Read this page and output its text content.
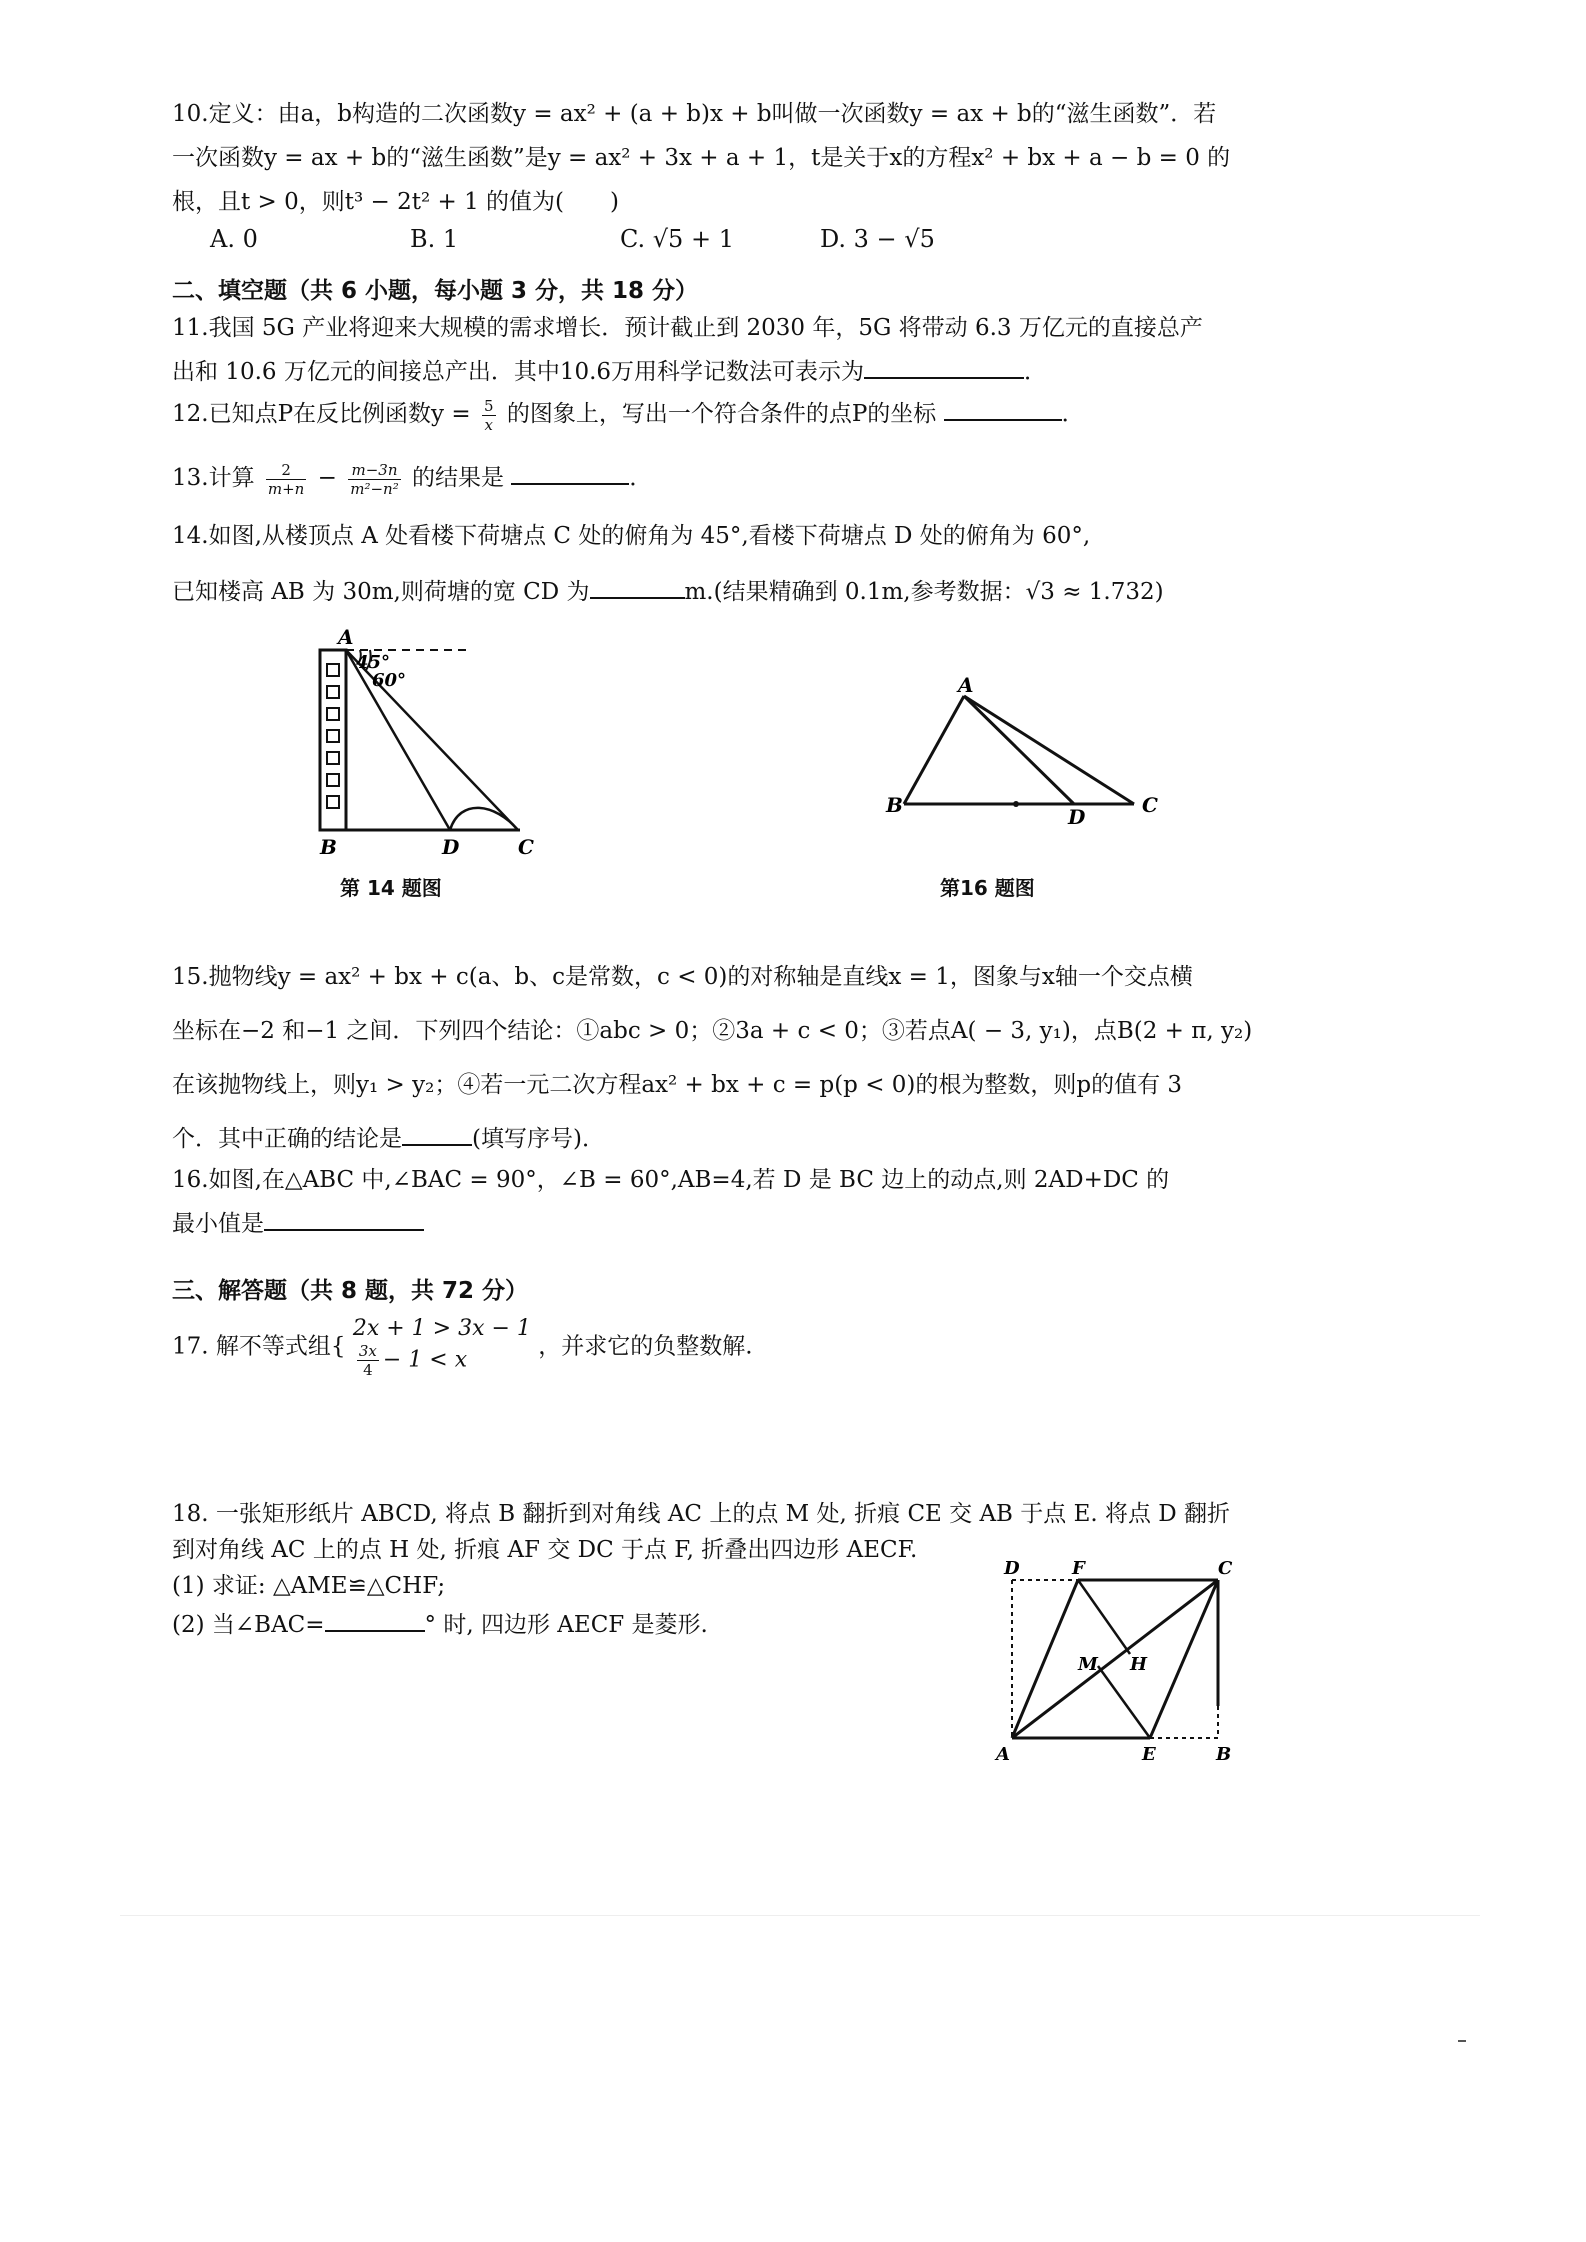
10.定义：由a，b构造的二次函数y = ax² + (a + b)x + b叫做一次函数y = ax + b的“滋生函数”．若

一次函数y = ax + b的“滋生函数”是y = ax² + 3x + a + 1，t是关于x的方程x² + bx + a − b = 0 的

根，且t > 0，则t³ − 2t² + 1 的值为(　　)

A. 0	B. 1	C. √5 + 1	D. 3 − √5
二、填空题（共 6 小题，每小题 3 分，共 18 分）

11.我国 5G 产业将迎来大规模的需求增长．预计截止到 2030 年，5G 将带动 6.3 万亿元的直接总产

出和 10.6 万亿元的间接总产出．其中10.6万用科学记数法可表示为	．

12.已知点P在反比例函数$y = \frac{5}{x}$ 的图象上，写出一个符合条件的点P的坐标	．

13.计算 $\frac{2}{m+n} - \frac{m-3n}{\text{m²−n²}}$ 的结果是	．

14.如图,从楼顶点 A 处看楼下荷塘点 C 处的俯角为 45°,看楼下荷塘点 D 处的俯角为 60°,

已知楼高 AB 为 30m,则荷塘的宽 CD 为	m.(结果精确到 0.1m,参考数据：√3 ≈ 1.732)

A
45°
60°
B	D	C
第 14 题图
A
B	D	C
第16 题图

15.抛物线y = ax² + bx + c(a、b、c是常数，c < 0)的对称轴是直线x = 1，图象与x轴一个交点横

坐标在−2 和−1 之间．下列四个结论：①abc > 0；②3a + c < 0；③若点A( − 3, y₁)，点B(2 + π, y₂)

在该抛物线上，则y₁ > y₂；④若一元二次方程ax² + bx + c = p(p < 0)的根为整数，则p的值有 3

个．其中正确的结论是	(填写序号)．

16.如图,在△ABC 中,∠BAC = 90°，∠B = 60°,AB=4,若 D 是 BC 边上的动点,则 2AD+DC 的

最小值是

三、解答题（共 8 题，共 72 分）

17. 解不等式组{
2x + 1 > 3x − 1
$\frac{3x}{4} - 1 < x$
，并求它的负整数解.

18. 一张矩形纸片 ABCD, 将点 B 翻折到对角线 AC 上的点 M 处, 折痕 CE 交 AB 于点 E. 将点 D 翻折

到对角线 AC 上的点 H 处, 折痕 AF 交 DC 于点 F, 折叠出四边形 AECF.

(1) 求证: △AME≌△CHF;

(2) 当∠BAC=	° 时, 四边形 AECF 是菱形.

D	F	C
M H
A	E	B
